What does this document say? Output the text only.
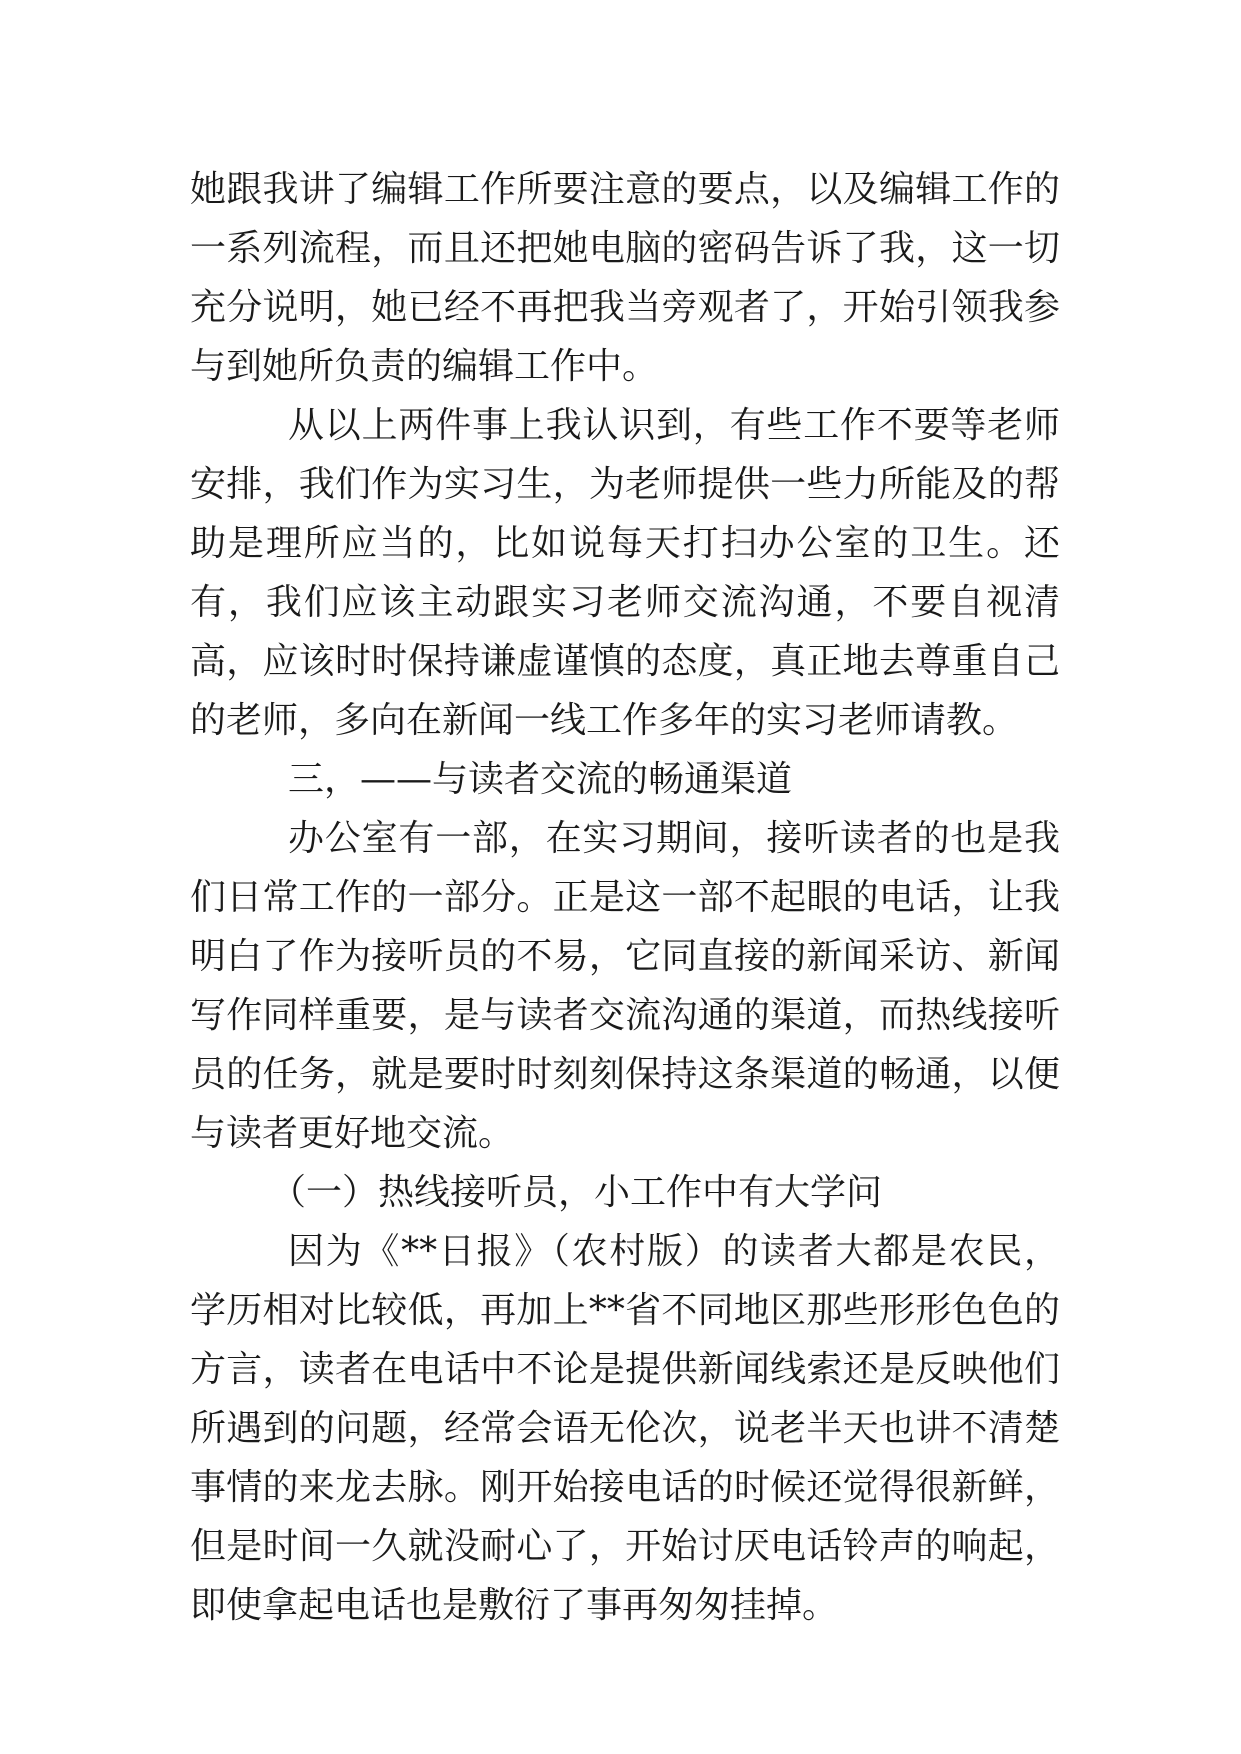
她跟我讲了编辑工作所要注意的要点，以及编辑工作的一系列流程，而且还把她电脑的密码告诉了我，这一切充分说明，她已经不再把我当旁观者了，开始引领我参与到她所负责的编辑工作中。

从以上两件事上我认识到，有些工作不要等老师安排，我们作为实习生，为老师提供一些力所能及的帮助是理所应当的，比如说每天打扫办公室的卫生。还有，我们应该主动跟实习老师交流沟通，不要自视清高，应该时时保持谦虚谨慎的态度，真正地去尊重自己的老师，多向在新闻一线工作多年的实习老师请教。

三，——与读者交流的畅通渠道

办公室有一部，在实习期间，接听读者的也是我们日常工作的一部分。正是这一部不起眼的电话，让我明白了作为接听员的不易，它同直接的新闻采访、新闻写作同样重要，是与读者交流沟通的渠道，而热线接听员的任务，就是要时时刻刻保持这条渠道的畅通，以便与读者更好地交流。

（一）热线接听员，小工作中有大学问

因为《**日报》（农村版）的读者大都是农民，学历相对比较低，再加上**省不同地区那些形形色色的方言，读者在电话中不论是提供新闻线索还是反映他们所遇到的问题，经常会语无伦次，说老半天也讲不清楚事情的来龙去脉。刚开始接电话的时候还觉得很新鲜，但是时间一久就没耐心了，开始讨厌电话铃声的响起，即使拿起电话也是敷衍了事再匆匆挂掉。
